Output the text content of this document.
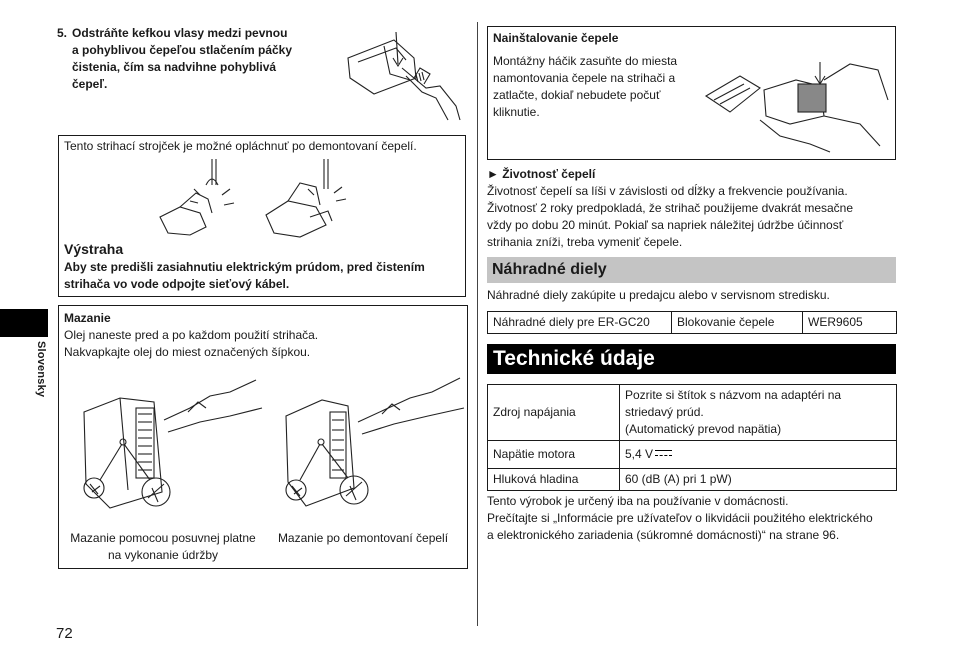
Slovensky
72
5. Odstráňte kefkou vlasy medzi pevnou
a pohyblivou čepeľou stlačením páčky
čistenia, čím sa nadvihne pohyblivá
čepeľ.
Tento strihací strojček je možné opláchnuť po demontovaní čepelí.
Výstraha
Aby ste predišli zasiahnutiu elektrickým prúdom, pred čistením
strihača vo vode odpojte sieťový kábel.
Mazanie
Olej naneste pred a po každom použití strihača.
Nakvapkajte olej do miest označených šípkou.
Mazanie pomocou posuvnej platne
na vykonanie údržby
Mazanie po demontovaní čepelí
Nainštalovanie čepele
Montážny háčik zasuňte do miesta
namontovania čepele na strihači a
zatlačte, dokiaľ nebudete počuť
kliknutie.
► Životnosť čepelí
Životnosť čepelí sa líši v závislosti od dĺžky a frekvencie používania.
Životnosť 2 roky predpokladá, že strihač použijeme dvakrát mesačne
vždy po dobu 20 minút. Pokiaľ sa napriek náležitej údržbe účinnosť
strihania zníži, treba vymeniť čepele.
Náhradné diely
Náhradné diely zakúpite u predajcu alebo v servisnom stredisku.
Náhradné diely pre ER-GC20	Blokovanie čepele	WER9605
Technické údaje
Zdroj napájania	Pozrite si štítok s názvom na adaptéri na
striedavý prúd.
(Automatický prevod napätia)

Napätie motora	5,4 V
Hluková hladina	60 (dB (A) pri 1 pW)
Tento výrobok je určený iba na používanie v domácnosti.
Prečítajte si „Informácie pre užívateľov o likvidácii použitého elektrického
a elektronického zariadenia (súkromné domácnosti)“ na strane 96.
